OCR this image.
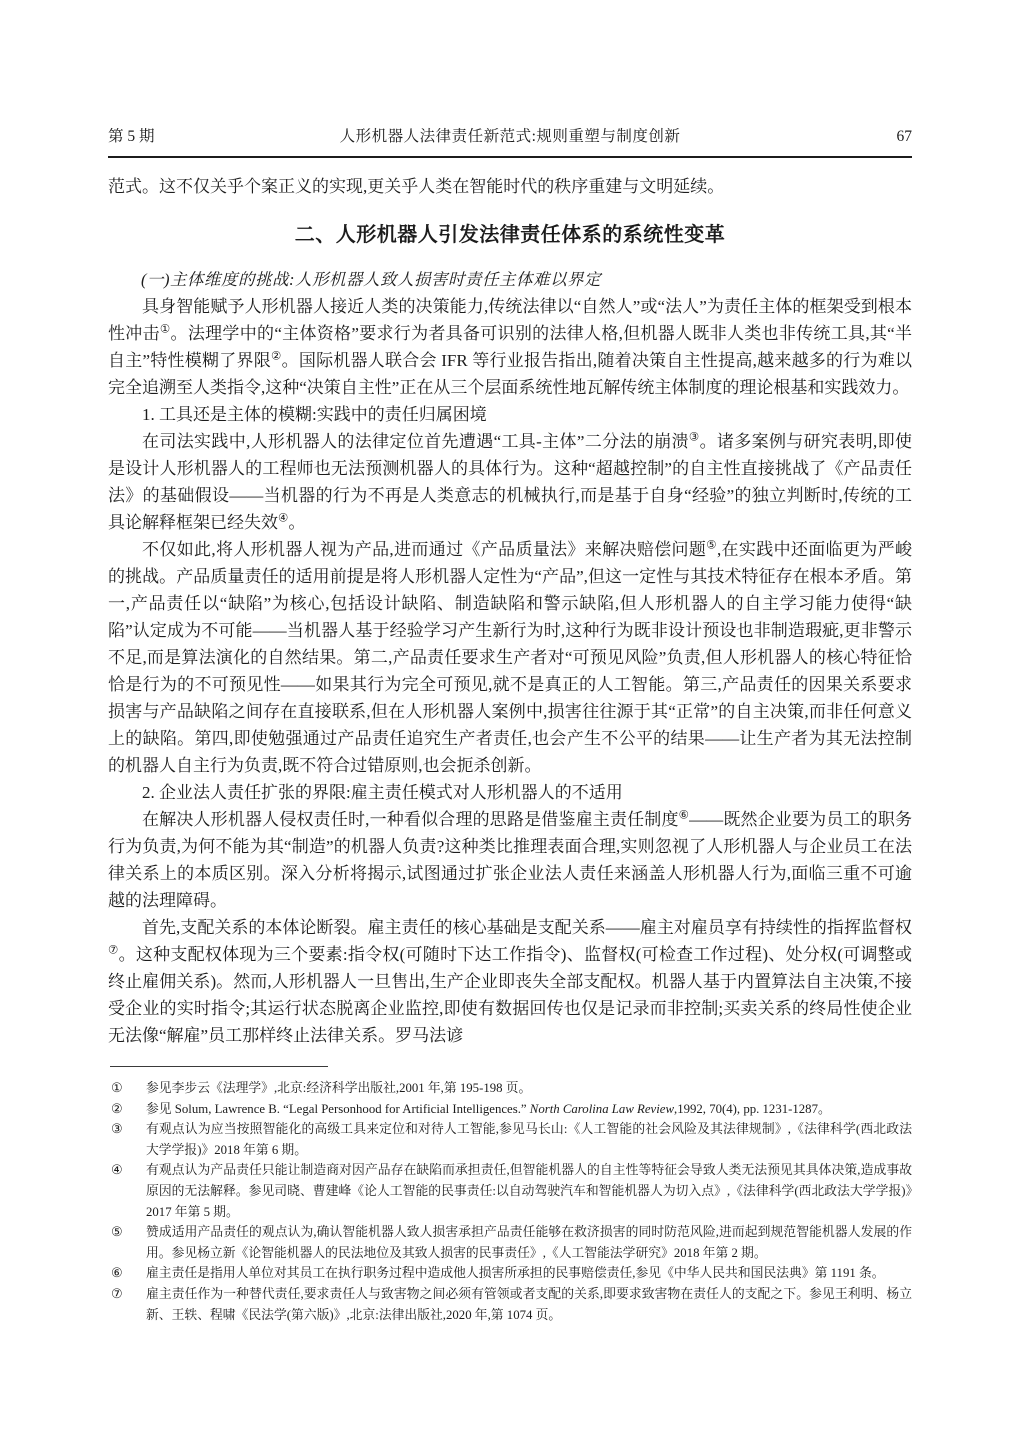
第 5 期	人形机器人法律责任新范式:规则重塑与制度创新	67

范式。这不仅关乎个案正义的实现,更关乎人类在智能时代的秩序重建与文明延续。

二、人形机器人引发法律责任体系的系统性变革
(一)主体维度的挑战:人形机器人致人损害时责任主体难以界定

具身智能赋予人形机器人接近人类的决策能力,传统法律以“自然人”或“法人”为责任主体的框架受到根本性冲击①。法理学中的“主体资格”要求行为者具备可识别的法律人格,但机器人既非人类也非传统工具,其“半自主”特性模糊了界限②。国际机器人联合会 IFR 等行业报告指出,随着决策自主性提高,越来越多的行为难以完全追溯至人类指令,这种“决策自主性”正在从三个层面系统性地瓦解传统主体制度的理论根基和实践效力。

1. 工具还是主体的模糊:实践中的责任归属困境

在司法实践中,人形机器人的法律定位首先遭遇“工具-主体”二分法的崩溃③。诸多案例与研究表明,即使是设计人形机器人的工程师也无法预测机器人的具体行为。这种“超越控制”的自主性直接挑战了《产品责任法》的基础假设——当机器的行为不再是人类意志的机械执行,而是基于自身“经验”的独立判断时,传统的工具论解释框架已经失效④。

不仅如此,将人形机器人视为产品,进而通过《产品质量法》来解决赔偿问题⑤,在实践中还面临更为严峻的挑战。产品质量责任的适用前提是将人形机器人定性为“产品”,但这一定性与其技术特征存在根本矛盾。第一,产品责任以“缺陷”为核心,包括设计缺陷、制造缺陷和警示缺陷,但人形机器人的自主学习能力使得“缺陷”认定成为不可能——当机器人基于经验学习产生新行为时,这种行为既非设计预设也非制造瑕疵,更非警示不足,而是算法演化的自然结果。第二,产品责任要求生产者对“可预见风险”负责,但人形机器人的核心特征恰恰是行为的不可预见性——如果其行为完全可预见,就不是真正的人工智能。第三,产品责任的因果关系要求损害与产品缺陷之间存在直接联系,但在人形机器人案例中,损害往往源于其“正常”的自主决策,而非任何意义上的缺陷。第四,即使勉强通过产品责任追究生产者责任,也会产生不公平的结果——让生产者为其无法控制的机器人自主行为负责,既不符合过错原则,也会扼杀创新。

2. 企业法人责任扩张的界限:雇主责任模式对人形机器人的不适用

在解决人形机器人侵权责任时,一种看似合理的思路是借鉴雇主责任制度⑥——既然企业要为员工的职务行为负责,为何不能为其“制造”的机器人负责?这种类比推理表面合理,实则忽视了人形机器人与企业员工在法律关系上的本质区别。深入分析将揭示,试图通过扩张企业法人责任来涵盖人形机器人行为,面临三重不可逾越的法理障碍。

首先,支配关系的本体论断裂。雇主责任的核心基础是支配关系——雇主对雇员享有持续性的指挥监督权⑦。这种支配权体现为三个要素:指令权(可随时下达工作指令)、监督权(可检查工作过程)、处分权(可调整或终止雇佣关系)。然而,人形机器人一旦售出,生产企业即丧失全部支配权。机器人基于内置算法自主决策,不接受企业的实时指令;其运行状态脱离企业监控,即使有数据回传也仅是记录而非控制;买卖关系的终局性使企业无法像“解雇”员工那样终止法律关系。罗马法谚

①	参见李步云《法理学》,北京:经济科学出版社,2001 年,第 195-198 页。
②	参见 Solum, Lawrence B. “Legal Personhood for Artificial Intelligences.” North Carolina Law Review,1992, 70(4), pp. 1231-1287。
③	有观点认为应当按照智能化的高级工具来定位和对待人工智能,参见马长山:《人工智能的社会风险及其法律规制》,《法律科学(西北政法大学学报)》2018 年第 6 期。
④	有观点认为产品责任只能让制造商对因产品存在缺陷而承担责任,但智能机器人的自主性等特征会导致人类无法预见其具体决策,造成事故原因的无法解释。参见司晓、曹建峰《论人工智能的民事责任:以自动驾驶汽车和智能机器人为切入点》,《法律科学(西北政法大学学报)》2017 年第 5 期。
⑤	赞成适用产品责任的观点认为,确认智能机器人致人损害承担产品责任能够在救济损害的同时防范风险,进而起到规范智能机器人发展的作用。参见杨立新《论智能机器人的民法地位及其致人损害的民事责任》,《人工智能法学研究》2018 年第 2 期。
⑥	雇主责任是指用人单位对其员工在执行职务过程中造成他人损害所承担的民事赔偿责任,参见《中华人民共和国民法典》第 1191 条。
⑦	雇主责任作为一种替代责任,要求责任人与致害物之间必须有管领或者支配的关系,即要求致害物在责任人的支配之下。参见王利明、杨立新、王轶、程啸《民法学(第六版)》,北京:法律出版社,2020 年,第 1074 页。
